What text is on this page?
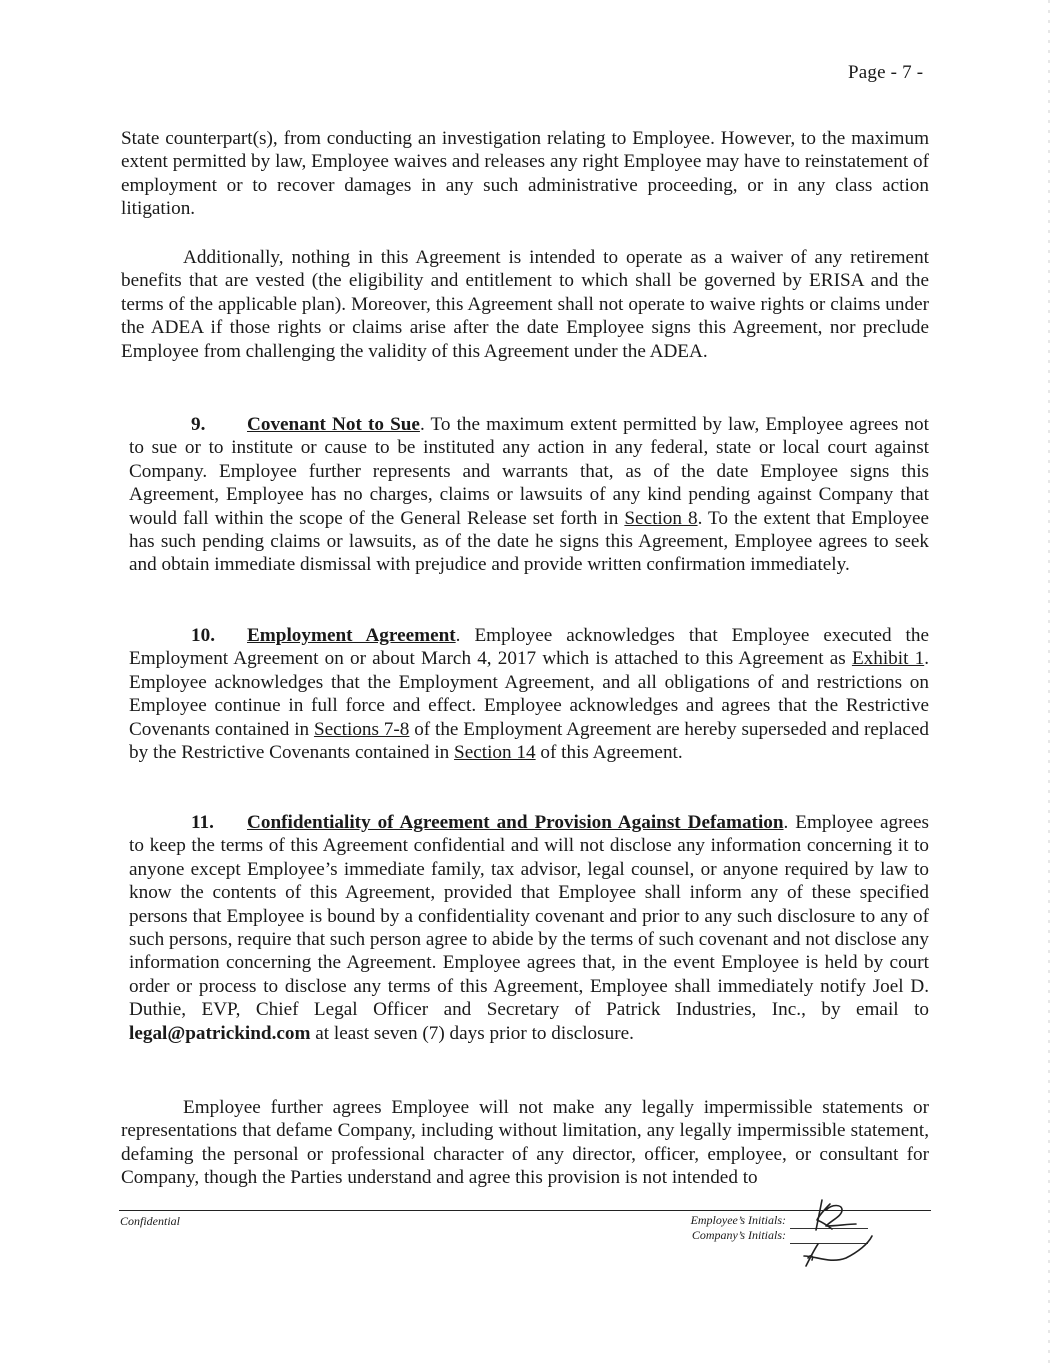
Page - 7 -

State counterpart(s), from conducting an investigation relating to Employee. However, to the maximum extent permitted by law, Employee waives and releases any right Employee may have to reinstatement of employment or to recover damages in any such administrative proceeding, or in any class action litigation.

Additionally, nothing in this Agreement is intended to operate as a waiver of any retirement benefits that are vested (the eligibility and entitlement to which shall be governed by ERISA and the terms of the applicable plan). Moreover, this Agreement shall not operate to waive rights or claims under the ADEA if those rights or claims arise after the date Employee signs this Agreement, nor preclude Employee from challenging the validity of this Agreement under the ADEA.

9. Covenant Not to Sue. To the maximum extent permitted by law, Employee agrees not to sue or to institute or cause to be instituted any action in any federal, state or local court against Company. Employee further represents and warrants that, as of the date Employee signs this Agreement, Employee has no charges, claims or lawsuits of any kind pending against Company that would fall within the scope of the General Release set forth in Section 8. To the extent that Employee has such pending claims or lawsuits, as of the date he signs this Agreement, Employee agrees to seek and obtain immediate dismissal with prejudice and provide written confirmation immediately.

10. Employment Agreement. Employee acknowledges that Employee executed the Employment Agreement on or about March 4, 2017 which is attached to this Agreement as Exhibit 1. Employee acknowledges that the Employment Agreement, and all obligations of and restrictions on Employee continue in full force and effect. Employee acknowledges and agrees that the Restrictive Covenants contained in Sections 7-8 of the Employment Agreement are hereby superseded and replaced by the Restrictive Covenants contained in Section 14 of this Agreement.

11. Confidentiality of Agreement and Provision Against Defamation. Employee agrees to keep the terms of this Agreement confidential and will not disclose any information concerning it to anyone except Employee’s immediate family, tax advisor, legal counsel, or anyone required by law to know the contents of this Agreement, provided that Employee shall inform any of these specified persons that Employee is bound by a confidentiality covenant and prior to any such disclosure to any of such persons, require that such person agree to abide by the terms of such covenant and not disclose any information concerning the Agreement. Employee agrees that, in the event Employee is held by court order or process to disclose any terms of this Agreement, Employee shall immediately notify Joel D. Duthie, EVP, Chief Legal Officer and Secretary of Patrick Industries, Inc., by email to legal@patrickind.com at least seven (7) days prior to disclosure.

Employee further agrees Employee will not make any legally impermissible statements or representations that defame Company, including without limitation, any legally impermissible statement, defaming the personal or professional character of any director, officer, employee, or consultant for Company, though the Parties understand and agree this provision is not intended to

Confidential	Employee’s Initials:
Company’s Initials:
